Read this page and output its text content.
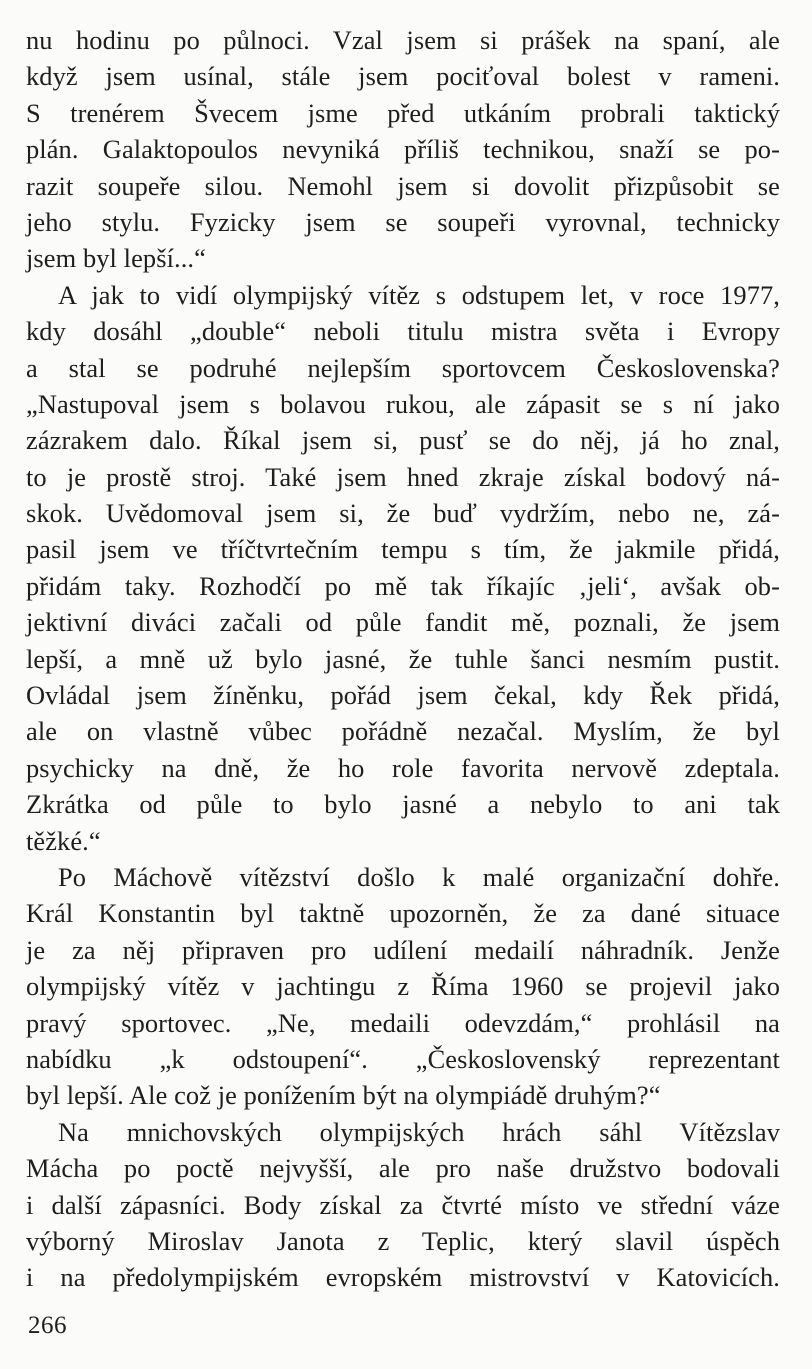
nu hodinu po půlnoci. Vzal jsem si prášek na spaní, ale
když jsem usínal, stále jsem pociťoval bolest v rameni.
S trenérem Švecem jsme před utkáním probrali taktický
plán. Galaktopoulos nevyniká příliš technikou, snaží se po-
razit soupeře silou. Nemohl jsem si dovolit přizpůsobit se
jeho stylu. Fyzicky jsem se soupeři vyrovnal, technicky
jsem byl lepší...“
A jak to vidí olympijský vítěz s odstupem let, v roce 1977,
kdy dosáhl „double“ neboli titulu mistra světa i Evropy
a stal se podruhé nejlepším sportovcem Československa?
„Nastupoval jsem s bolavou rukou, ale zápasit se s ní jako
zázrakem dalo. Říkal jsem si, pusť se do něj, já ho znal,
to je prostě stroj. Také jsem hned zkraje získal bodový ná-
skok. Uvědomoval jsem si, že buď vydržím, nebo ne, zá-
pasil jsem ve tříčtvrtečním tempu s tím, že jakmile přidá,
přidám taky. Rozhodčí po mě tak říkajíc ‚jeli‘, avšak ob-
jektivní diváci začali od půle fandit mě, poznali, že jsem
lepší, a mně už bylo jasné, že tuhle šanci nesmím pustit.
Ovládal jsem žíněnku, pořád jsem čekal, kdy Řek přidá,
ale on vlastně vůbec pořádně nezačal. Myslím, že byl
psychicky na dně, že ho role favorita nervově zdeptala.
Zkrátka od půle to bylo jasné a nebylo to ani tak
těžké.“
Po Máchově vítězství došlo k malé organizační dohře.
Král Konstantin byl taktně upozorněn, že za dané situace
je za něj připraven pro udílení medailí náhradník. Jenže
olympijský vítěz v jachtingu z Říma 1960 se projevil jako
pravý sportovec. „Ne, medaili odevzdám,“ prohlásil na
nabídku „k odstoupení“. „Československý reprezentant
byl lepší. Ale což je ponížením být na olympiádě druhým?“
Na mnichovských olympijských hrách sáhl Vítězslav
Mácha po poctě nejvyšší, ale pro naše družstvo bodovali
i další zápasníci. Body získal za čtvrté místo ve střední váze
výborný Miroslav Janota z Teplic, který slavil úspěch
i na předolympijském evropském mistrovství v Katovicích.
266
